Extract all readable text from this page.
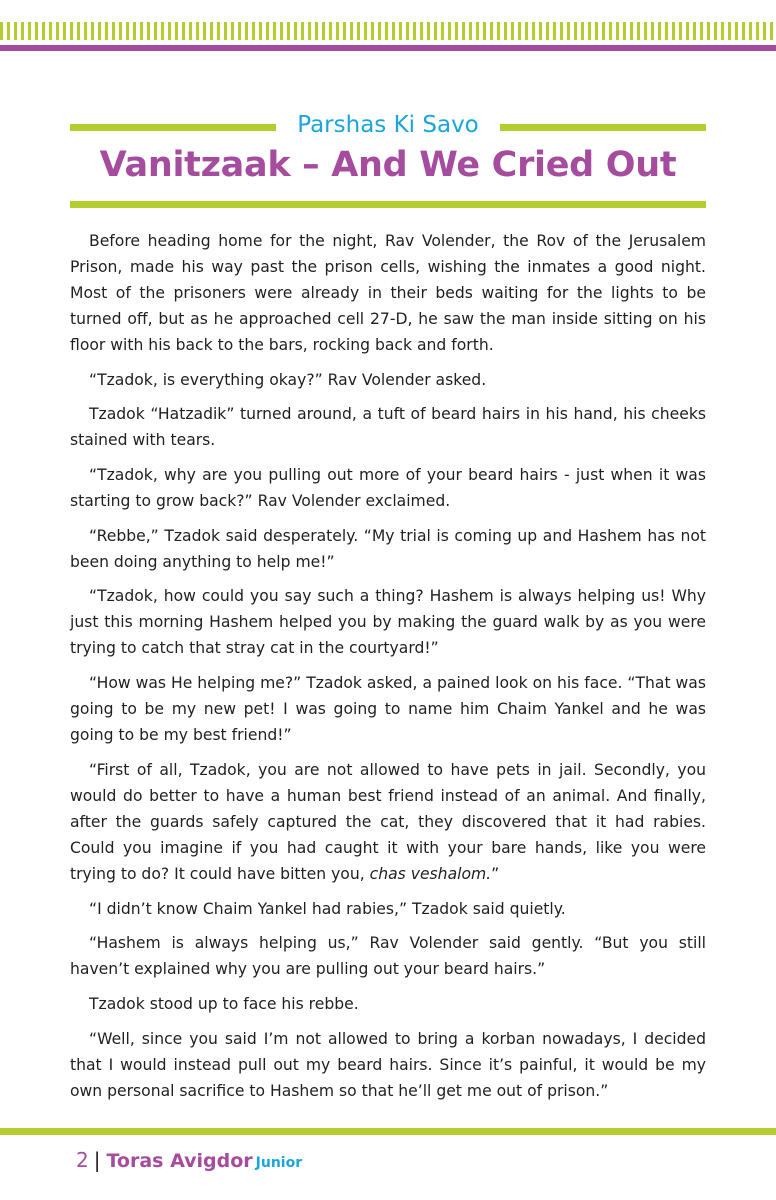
Parshas Ki Savo
Vanitzaak – And We Cried Out

Before heading home for the night, Rav Volender, the Rov of the Jerusalem Prison, made his way past the prison cells, wishing the inmates a good night. Most of the prisoners were already in their beds waiting for the lights to be turned off, but as he approached cell 27-D, he saw the man inside sitting on his floor with his back to the bars, rocking back and forth.

“Tzadok, is everything okay?” Rav Volender asked.

Tzadok “Hatzadik” turned around, a tuft of beard hairs in his hand, his cheeks stained with tears.

“Tzadok, why are you pulling out more of your beard hairs - just when it was starting to grow back?” Rav Volender exclaimed.

“Rebbe,” Tzadok said desperately. “My trial is coming up and Hashem has not been doing anything to help me!”

“Tzadok, how could you say such a thing? Hashem is always helping us! Why just this morning Hashem helped you by making the guard walk by as you were trying to catch that stray cat in the courtyard!”

“How was He helping me?” Tzadok asked, a pained look on his face. “That was going to be my new pet! I was going to name him Chaim Yankel and he was going to be my best friend!”

“First of all, Tzadok, you are not allowed to have pets in jail. Secondly, you would do better to have a human best friend instead of an animal. And finally, after the guards safely captured the cat, they discovered that it had rabies. Could you imagine if you had caught it with your bare hands, like you were trying to do? It could have bitten you, chas veshalom.”

“I didn’t know Chaim Yankel had rabies,” Tzadok said quietly.

“Hashem is always helping us,” Rav Volender said gently. “But you still haven’t explained why you are pulling out your beard hairs.”

Tzadok stood up to face his rebbe.

“Well, since you said I’m not allowed to bring a korban nowadays, I decided that I would instead pull out my beard hairs. Since it’s painful, it would be my own personal sacrifice to Hashem so that he’ll get me out of prison.”

2 | Toras Avigdor Junior
